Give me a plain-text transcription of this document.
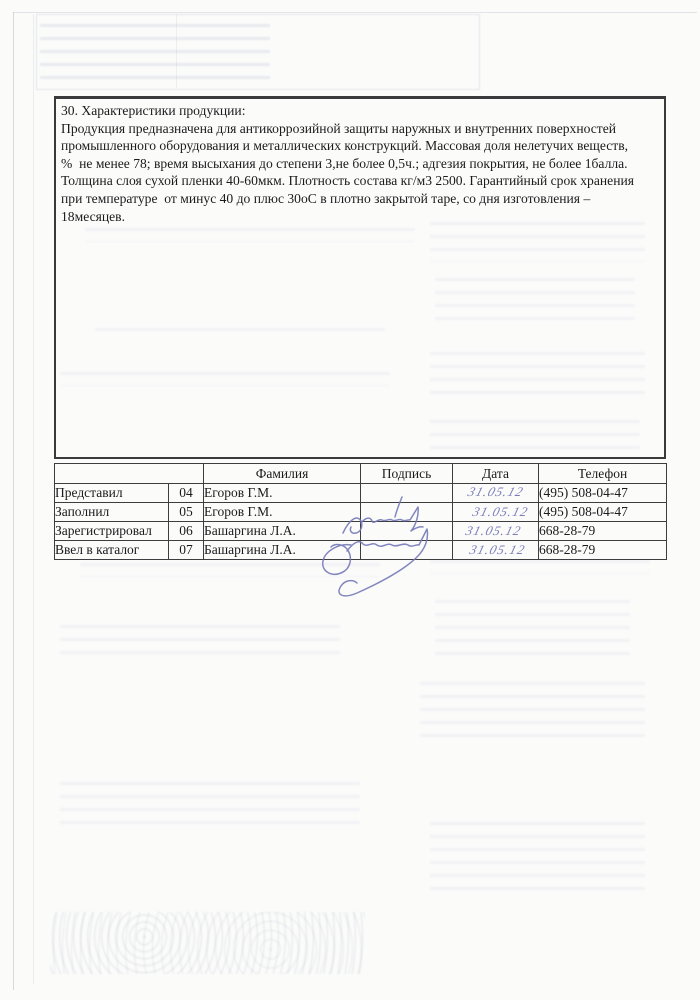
30. Характеристики продукции:
Продукция предназначена для антикоррозийной защиты наружных и внутренних поверхностей
промышленного оборудования и металлических конструкций. Массовая доля нелетучих веществ,
%  не менее 78; время высыхания до степени 3,не более 0,5ч.; адгезия покрытия, не более 1балла.
Толщина слоя сухой пленки 40-60мкм. Плотность состава кг/м3 2500. Гарантийный срок хранения
при температуре  от минус 40 до плюс 30оС в плотно закрытой таре, со дня изготовления –
18месяцев.
		Фамилия	Подпись	Дата	Телефон
Представил	04	Егоров Г.М.		31.05.12	(495) 508-04-47
Заполнил	05	Егоров Г.М.		31.05.12	(495) 508-04-47
Зарегистрировал	06	Башаргина Л.А.		31.05.12	668-28-79
Ввел в каталог	07	Башаргина Л.А.		31.05.12	668-28-79
